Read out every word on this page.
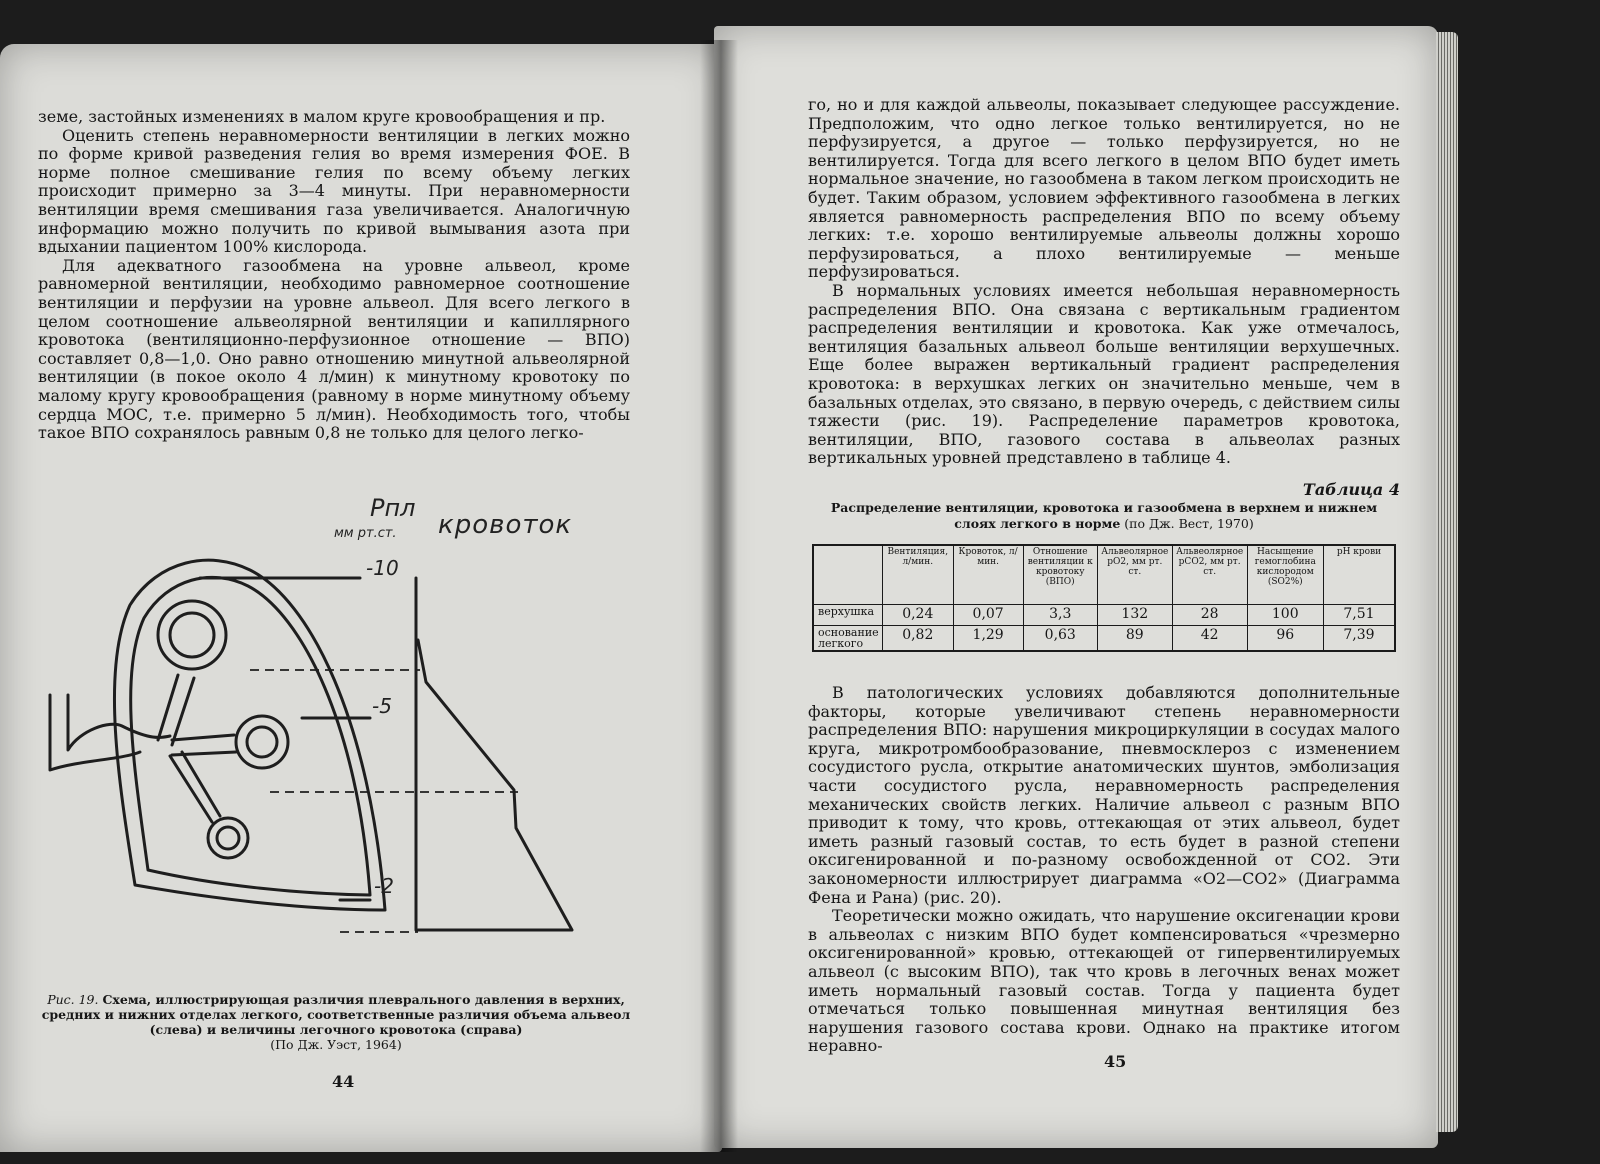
земе, застойных изменениях в малом круге кровообращения и пр.

Оценить степень неравномерности вентиляции в легких можно по форме кривой разведения гелия во время измерения ФОЕ. В норме полное смешивание гелия по всему объему легких происходит примерно за 3—4 минуты. При неравномерности вентиляции время смешивания газа увеличивается. Аналогичную информацию можно получить по кривой вымывания азота при вдыхании пациентом 100% кислорода.

Для адекватного газообмена на уровне альвеол, кроме равномерной вентиляции, необходимо равномерное соотношение вентиляции и перфузии на уровне альвеол. Для всего легкого в целом соотношение альвеолярной вентиляции и капиллярного кровотока (вентиляционно-перфузионное отношение — ВПО) составляет 0,8—1,0. Оно равно отношению минутной альвеолярной вентиляции (в покое около 4 л/мин) к минутному кровотоку по малому кругу кровообращения (равному в норме минутному объему сердца МОС, т.е. примерно 5 л/мин). Необходимость того, чтобы такое ВПО сохранялось равным 0,8 не только для целого легко-

Pпл
мм рт.ст. кровоток
-10
-5
-2
Рис. 19. Схема, иллюстрирующая различия плеврального давления в верхних, средних и нижних отделах легкого, соответственные различия объема альвеол (слева) и величины легочного кровотока (справа)
(По Дж. Уэст, 1964)
44

го, но и для каждой альвеолы, показывает следующее рассуждение. Предположим, что одно легкое только вентилируется, но не перфузируется, а другое — только перфузируется, но не вентилируется. Тогда для всего легкого в целом ВПО будет иметь нормальное значение, но газообмена в таком легком происходить не будет. Таким образом, условием эффективного газообмена в легких является равномерность распределения ВПО по всему объему легких: т.е. хорошо вентилируемые альвеолы должны хорошо перфузироваться, а плохо вентилируемые — меньше перфузироваться.

В нормальных условиях имеется небольшая неравномерность распределения ВПО. Она связана с вертикальным градиентом распределения вентиляции и кровотока. Как уже отмечалось, вентиляция базальных альвеол больше вентиляции верхушечных. Еще более выражен вертикальный градиент распределения кровотока: в верхушках легких он значительно меньше, чем в базальных отделах, это связано, в первую очередь, с действием силы тяжести (рис. 19). Распределение параметров кровотока, вентиляции, ВПО, газового состава в альвеолах разных вертикальных уровней представлено в таблице 4.

Таблица 4
Распределение вентиляции, кровотока и газообмена в верхнем и нижнем слоях легкого в норме (по Дж. Вест, 1970)
	Вентиляция, л/мин.	Кровоток, л/мин.	Отношение вентиляции к кровотоку (ВПО)	Альвеолярное pO2, мм рт. ст.	Альвеолярное pCO2, мм рт. ст.	Насыщение гемоглобина кислородом (SO2%)	pH крови
верхушка	0,24	0,07	3,3	132	28	100	7,51
основание легкого	0,82	1,29	0,63	89	42	96	7,39

В патологических условиях добавляются дополнительные факторы, которые увеличивают степень неравномерности распределения ВПО: нарушения микроциркуляции в сосудах малого круга, микротромбообразование, пневмосклероз с изменением сосудистого русла, открытие анатомических шунтов, эмболизация части сосудистого русла, неравномерность распределения механических свойств легких. Наличие альвеол с разным ВПО приводит к тому, что кровь, оттекающая от этих альвеол, будет иметь разный газовый состав, то есть будет в разной степени оксигенированной и по-разному освобожденной от CO2. Эти закономерности иллюстрирует диаграмма «O2—CO2» (Диаграмма Фена и Рана) (рис. 20).

Теоретически можно ожидать, что нарушение оксигенации крови в альвеолах с низким ВПО будет компенсироваться «чрезмерно оксигенированной» кровью, оттекающей от гипервентилируемых альвеол (с высоким ВПО), так что кровь в легочных венах может иметь нормальный газовый состав. Тогда у пациента будет отмечаться только повышенная минутная вентиляция без нарушения газового состава крови. Однако на практике итогом неравно-

45
